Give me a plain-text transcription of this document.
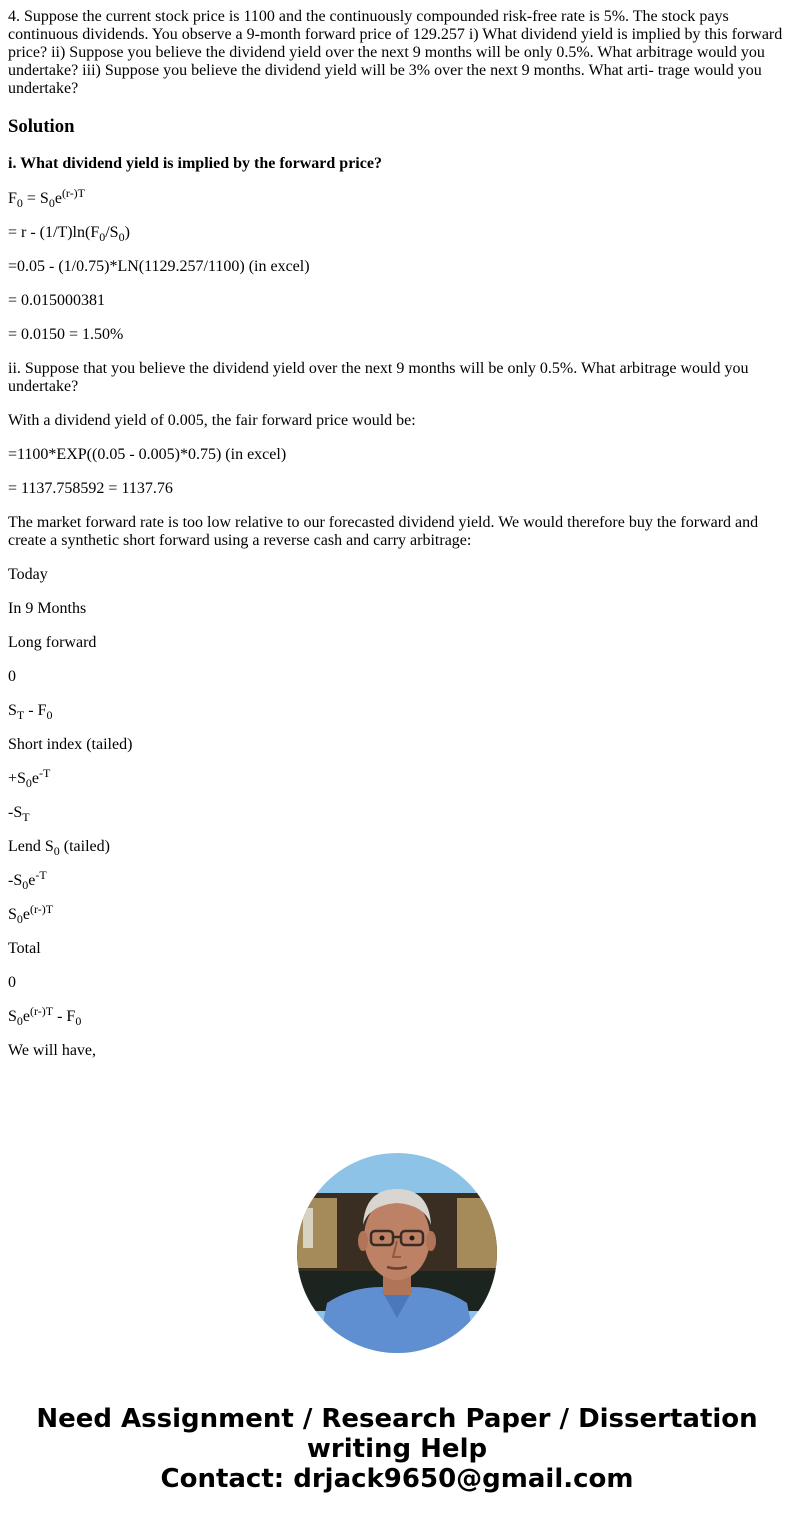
4. Suppose the current stock price is 1100 and the continuously compounded risk-free rate is 5%. The stock pays continuous dividends. You observe a 9-month forward price of 129.257 i) What dividend yield is implied by this forward price? ii) Suppose you believe the dividend yield over the next 9 months will be only 0.5%. What arbitrage would you undertake? iii) Suppose you believe the dividend yield will be 3% over the next 9 months. What arti- trage would you undertake?

Solution
i. What dividend yield is implied by the forward price?

$F_0 = S_0e^{(r-)T}$

= r - $(1/T)\ln(F_0/S_0)$

=0.05 - (1/0.75)*LN(1129.257/1100) (in excel)

= 0.015000381

= 0.0150 = 1.50%

ii. Suppose that you believe the dividend yield over the next 9 months will be only 0.5%. What arbitrage would you undertake?

With a dividend yield of 0.005, the fair forward price would be:

=1100*EXP((0.05 - 0.005)*0.75) (in excel)

= 1137.758592 = 1137.76

The market forward rate is too low relative to our forecasted dividend yield. We would therefore buy the forward and create a synthetic short forward using a reverse cash and carry arbitrage:

Today

In 9 Months

Long forward

0

$S_T - F_0$

Short index (tailed)

$+S_0e^{-T}$

$-S_T$

Lend $S_0$ (tailed)

$-S_0e^{-T}$

$S_0e^{(r-)T}$

Total

0

$S_0e^{(r-)T} - F_0$

We will have,

Need Assignment / Research Paper / Dissertation
writing Help
Contact: drjack9650@gmail.com
